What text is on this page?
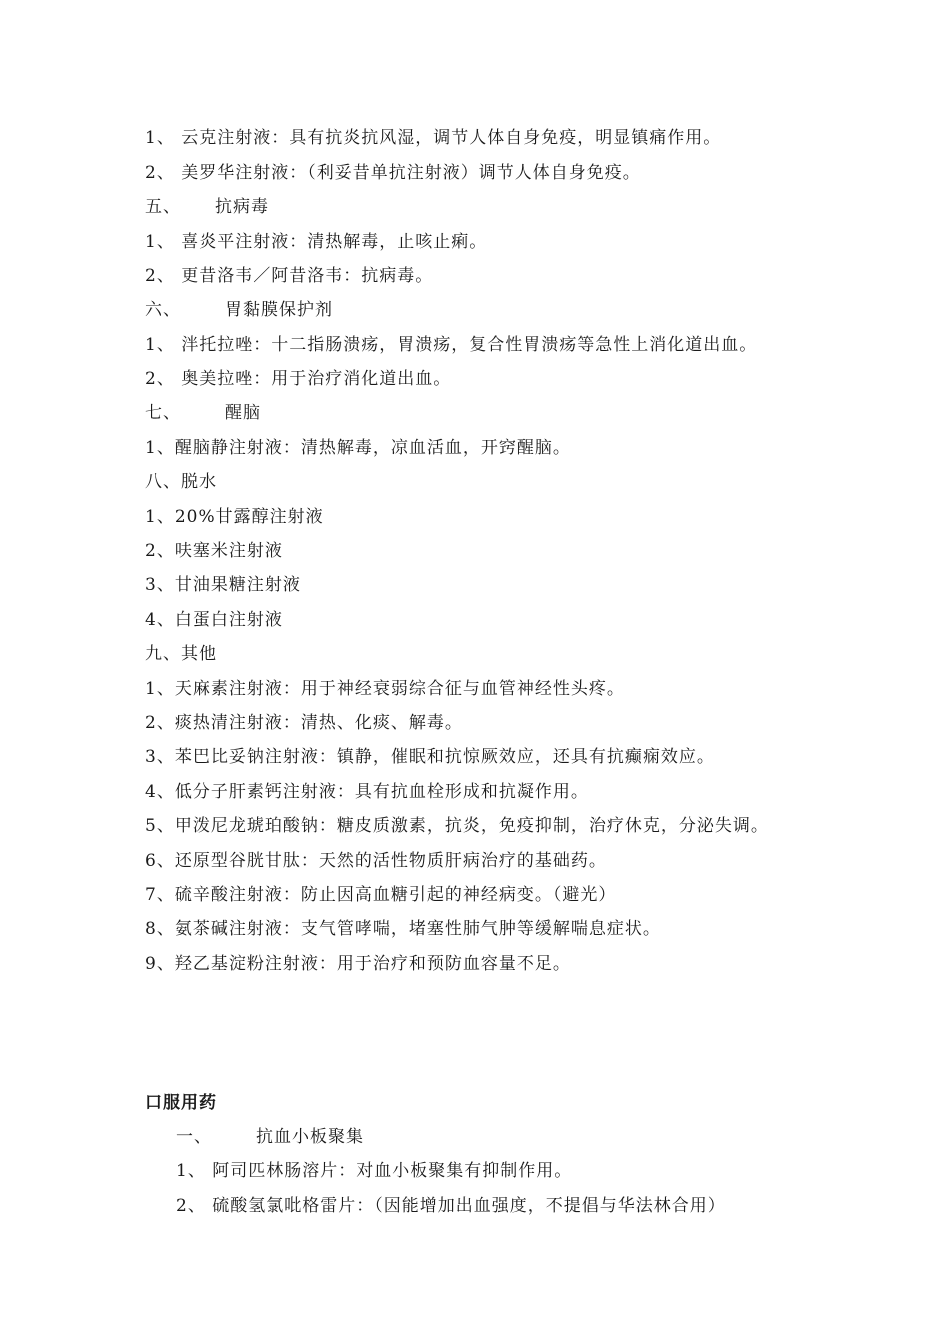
1、 云克注射液：具有抗炎抗风湿，调节人体自身免疫，明显镇痛作用。
2、 美罗华注射液：（利妥昔单抗注射液）调节人体自身免疫。
五、 抗病毒
1、 喜炎平注射液：清热解毒，止咳止痢。
2、 更昔洛韦／阿昔洛韦：抗病毒。
六、	胃黏膜保护剂
1、 泮托拉唑：十二指肠溃疡，胃溃疡，复合性胃溃疡等急性上消化道出血。
2、 奥美拉唑：用于治疗消化道出血。
七、	醒脑
1、醒脑静注射液：清热解毒，凉血活血，开窍醒脑。
八、脱水
1、20%甘露醇注射液
2、呋塞米注射液
3、甘油果糖注射液
4、白蛋白注射液
九、其他
1、天麻素注射液：用于神经衰弱综合征与血管神经性头疼。
2、痰热清注射液：清热、化痰、解毒。
3、苯巴比妥钠注射液：镇静，催眠和抗惊厥效应，还具有抗癫痫效应。
4、低分子肝素钙注射液：具有抗血栓形成和抗凝作用。
5、甲泼尼龙琥珀酸钠：糖皮质激素，抗炎，免疫抑制，治疗休克，分泌失调。
6、还原型谷胱甘肽：天然的活性物质肝病治疗的基础药。
7、硫辛酸注射液：防止因高血糖引起的神经病变。（避光）
8、氨茶碱注射液：支气管哮喘，堵塞性肺气肿等缓解喘息症状。
9、羟乙基淀粉注射液：用于治疗和预防血容量不足。
口服用药
一、	抗血小板聚集
1、 阿司匹林肠溶片：对血小板聚集有抑制作用。
2、 硫酸氢氯吡格雷片：（因能增加出血强度，不提倡与华法林合用）
